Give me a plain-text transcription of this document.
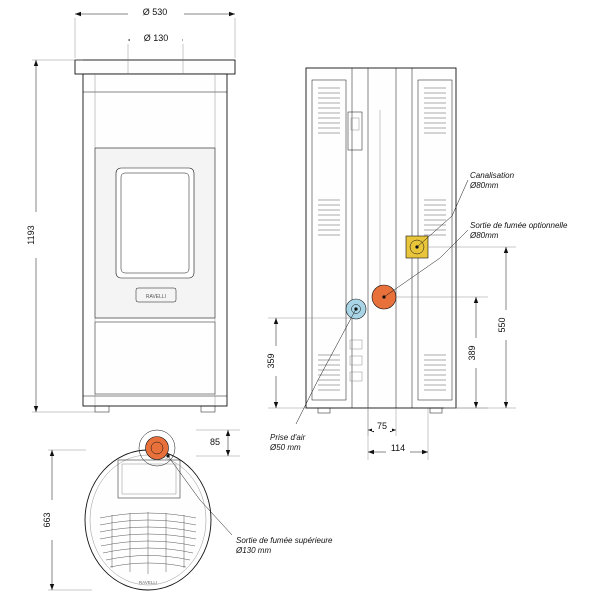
RAVELLI
Ø 530
Ø 130
1193
RAVELLI
663
85
359
389
550
75
114
Canalisation
Ø80mm
Sortie de fumée optionnelle
Ø80mm
Prise d'air
Ø50 mm
Sortie de fumée supérieure
Ø130 mm
